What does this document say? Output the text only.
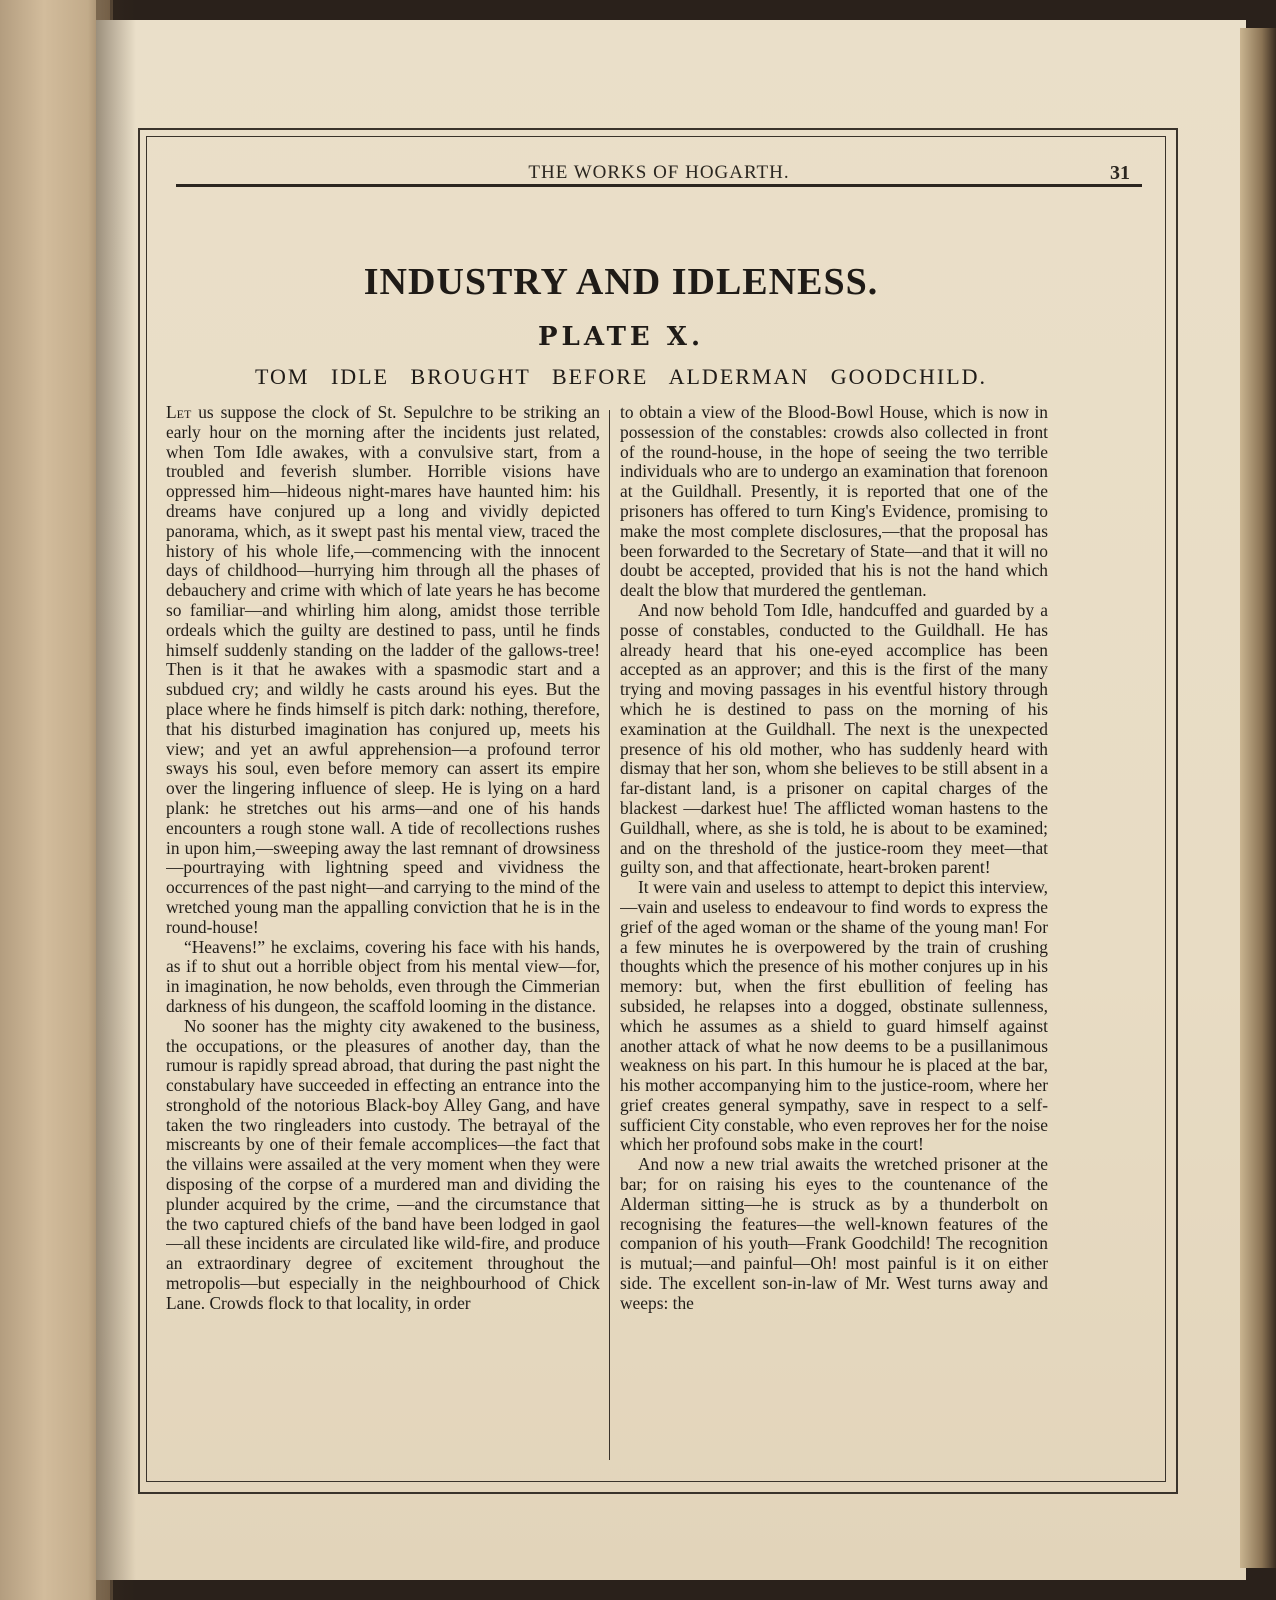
THE WORKS OF HOGARTH.	31
INDUSTRY AND IDLENESS.
PLATE X.
TOM IDLE BROUGHT BEFORE ALDERMAN GOODCHILD.

Let us suppose the clock of St. Sepulchre to be striking an early hour on the morning after the incidents just related, when Tom Idle awakes, with a convulsive start, from a troubled and feverish slumber. Horrible visions have oppressed him—hideous night-mares have haunted him: his dreams have conjured up a long and vividly depicted panorama, which, as it swept past his mental view, traced the history of his whole life,—commencing with the innocent days of childhood—hurrying him through all the phases of debauchery and crime with which of late years he has become so familiar—and whirling him along, amidst those terrible ordeals which the guilty are destined to pass, until he finds himself suddenly standing on the ladder of the gallows-tree! Then is it that he awakes with a spasmodic start and a subdued cry; and wildly he casts around his eyes. But the place where he finds himself is pitch dark: nothing, therefore, that his disturbed imagination has conjured up, meets his view; and yet an awful apprehension—a profound terror sways his soul, even before memory can assert its empire over the lingering influence of sleep. He is lying on a hard plank: he stretches out his arms—and one of his hands encounters a rough stone wall. A tide of recollections rushes in upon him,—sweeping away the last remnant of drowsiness—pourtraying with lightning speed and vividness the occurrences of the past night—and carrying to the mind of the wretched young man the appalling conviction that he is in the round-house!

“Heavens!” he exclaims, covering his face with his hands, as if to shut out a horrible object from his mental view—for, in imagination, he now beholds, even through the Cimmerian darkness of his dungeon, the scaffold looming in the distance.

No sooner has the mighty city awakened to the business, the occupations, or the pleasures of another day, than the rumour is rapidly spread abroad, that during the past night the constabulary have succeeded in effecting an entrance into the stronghold of the notorious Black-boy Alley Gang, and have taken the two ringleaders into custody. The betrayal of the miscreants by one of their female accomplices—the fact that the villains were assailed at the very moment when they were disposing of the corpse of a murdered man and dividing the plunder acquired by the crime, —and the circumstance that the two captured chiefs of the band have been lodged in gaol—all these incidents are circulated like wild-fire, and produce an extraordinary degree of excitement throughout the metropolis—but especially in the neighbourhood of Chick Lane. Crowds flock to that locality, in order

to obtain a view of the Blood-Bowl House, which is now in possession of the constables: crowds also collected in front of the round-house, in the hope of seeing the two terrible individuals who are to undergo an examination that forenoon at the Guildhall. Presently, it is reported that one of the prisoners has offered to turn King's Evidence, promising to make the most complete disclosures,—that the proposal has been forwarded to the Secretary of State—and that it will no doubt be accepted, provided that his is not the hand which dealt the blow that murdered the gentleman.

And now behold Tom Idle, handcuffed and guarded by a posse of constables, conducted to the Guildhall. He has already heard that his one-eyed accomplice has been accepted as an approver; and this is the first of the many trying and moving passages in his eventful history through which he is destined to pass on the morning of his examination at the Guildhall. The next is the unexpected presence of his old mother, who has suddenly heard with dismay that her son, whom she believes to be still absent in a far-distant land, is a prisoner on capital charges of the blackest —darkest hue! The afflicted woman hastens to the Guildhall, where, as she is told, he is about to be examined; and on the threshold of the justice-room they meet—that guilty son, and that affectionate, heart-broken parent!

It were vain and useless to attempt to depict this interview,—vain and useless to endeavour to find words to express the grief of the aged woman or the shame of the young man! For a few minutes he is overpowered by the train of crushing thoughts which the presence of his mother conjures up in his memory: but, when the first ebullition of feeling has subsided, he relapses into a dogged, obstinate sullenness, which he assumes as a shield to guard himself against another attack of what he now deems to be a pusillanimous weakness on his part. In this humour he is placed at the bar, his mother accompanying him to the justice-room, where her grief creates general sympathy, save in respect to a self-sufficient City constable, who even reproves her for the noise which her profound sobs make in the court!

And now a new trial awaits the wretched prisoner at the bar; for on raising his eyes to the countenance of the Alderman sitting—he is struck as by a thunderbolt on recognising the features—the well-known features of the companion of his youth—Frank Goodchild! The recognition is mutual;—and painful—Oh! most painful is it on either side. The excellent son-in-law of Mr. West turns away and weeps: the
